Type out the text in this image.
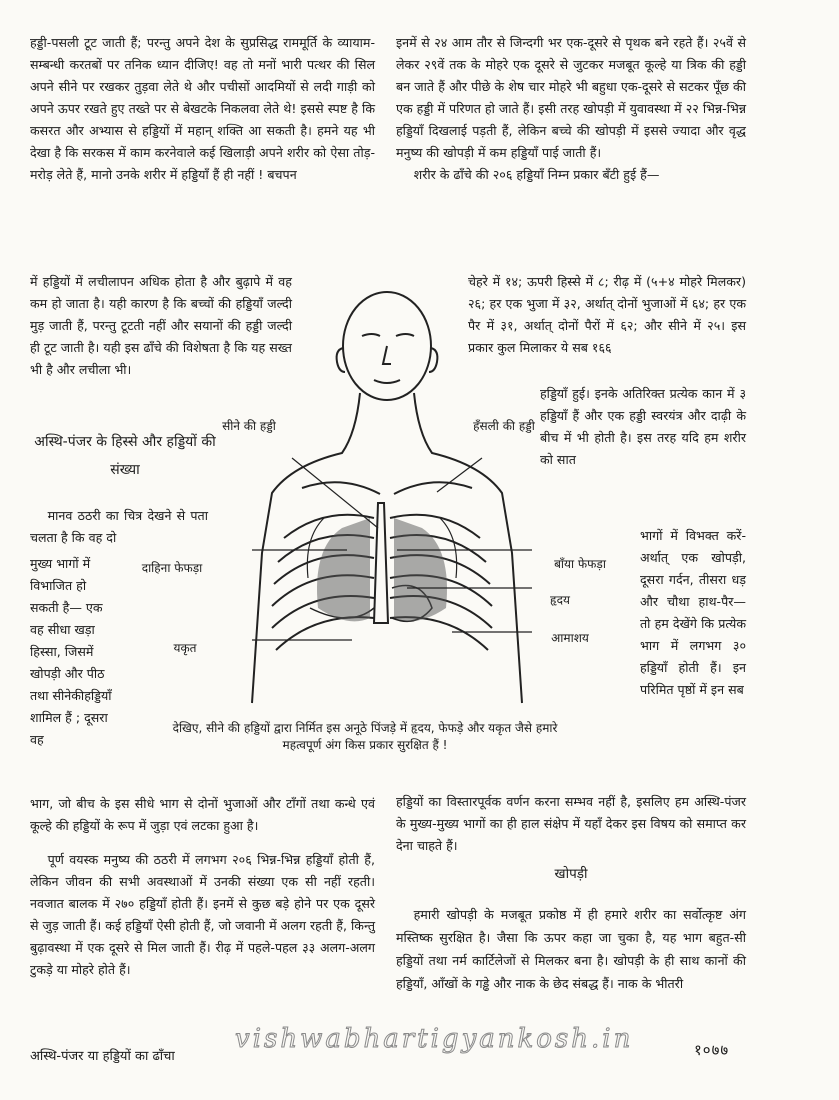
हड्डी-पसली टूट जाती हैं; परन्तु अपने देश के सुप्रसिद्ध राममूर्ति के व्यायाम-सम्बन्धी करतबों पर तनिक ध्यान दीजिए! वह तो मनों भारी पत्थर की सिल अपने सीने पर रखकर तुड़वा लेते थे और पचीसों आदमियों से लदी गाड़ी को अपने ऊपर रखते हुए तख्ते पर से बेखटके निकलवा लेते थे! इससे स्पष्ट है कि कसरत और अभ्यास से हड्डियों में महान् शक्ति आ सकती है। हमने यह भी देखा है कि सरकस में काम करनेवाले कई खिलाड़ी अपने शरीर को ऐसा तोड़-मरोड़ लेते हैं, मानो उनके शरीर में हड्डियाँ हैं ही नहीं ! बचपन

में हड्डियों में लचीलापन अधिक होता है और बुढ़ापे में वह कम हो जाता है। यही कारण है कि बच्चों की हड्डियाँ जल्दी मुड़ जाती हैं, परन्तु टूटती नहीं और सयानों की हड्डी जल्दी ही टूट जाती है। यही इस ढाँचे की विशेषता है कि यह सख्त भी है और लचीला भी।

अस्थि-पंजर के हिस्से और हड्डियों की संख्या

मानव ठठरी का चित्र देखने से पता चलता है कि वह दो

मुख्य भागों में विभाजित हो सकती है— एक वह सीधा खड़ा हिस्सा, जिसमें खोपड़ी और पीठ तथा सीनेकीहड्डियाँ शामिल हैं ; दूसरा वह

भाग, जो बीच के इस सीधे भाग से दोनों भुजाओं और टाँगों तथा कन्धे एवं कूल्हे की हड्डियों के रूप में जुड़ा एवं लटका हुआ है।

पूर्ण वयस्क मनुष्य की ठठरी में लगभग २०६ भिन्न-भिन्न हड्डियाँ होती हैं, लेकिन जीवन की सभी अवस्थाओं में उनकी संख्या एक सी नहीं रहती। नवजात बालक में २७० हड्डियाँ होती हैं। इनमें से कुछ बड़े होने पर एक दूसरे से जुड़ जाती हैं। कई हड्डियाँ ऐसी होती हैं, जो जवानी में अलग रहती हैं, किन्तु बुढ़ावस्था में एक दूसरे से मिल जाती हैं। रीढ़ में पहले-पहल ३३ अलग-अलग टुकड़े या मोहरे होते हैं।

इनमें से २४ आम तौर से जिन्दगी भर एक-दूसरे से पृथक बने रहते हैं। २५वें से लेकर २९वें तक के मोहरे एक दूसरे से जुटकर मजबूत कूल्हे या त्रिक की हड्डी बन जाते हैं और पीछे के शेष चार मोहरे भी बहुधा एक-दूसरे से सटकर पूँछ की एक हड्डी में परिणत हो जाते हैं। इसी तरह खोपड़ी में युवावस्था में २२ भिन्न-भिन्न हड्डियाँ दिखलाई पड़ती हैं, लेकिन बच्चे की खोपड़ी में इससे ज्यादा और वृद्ध मनुष्य की खोपड़ी में कम हड्डियाँ पाई जाती हैं।

शरीर के ढाँचे की २०६ हड्डियाँ निम्न प्रकार बँटी हुई हैं—

चेहरे में १४; ऊपरी हिस्से में ८; रीढ़ में (५+४ मोहरे मिलकर) २६; हर एक भुजा में ३२, अर्थात् दोनों भुजाओं में ६४; हर एक पैर में ३१, अर्थात् दोनों पैरों में ६२; और सीने में २५। इस प्रकार कुल मिलाकर ये सब १६६

हड्डियाँ हुई। इनके अतिरिक्त प्रत्येक कान में ३ हड्डियाँ हैं और एक हड्डी स्वरयंत्र और दाढ़ी के बीच में भी होती है। इस तरह यदि हम शरीर को सात

भागों में विभक्त करें-अर्थात् एक खोपड़ी, दूसरा गर्दन, तीसरा धड़ और चौथा हाथ-पैर—तो हम देखेंगे कि प्रत्येक भाग में लगभग ३० हड्डियाँ होती हैं। इन परिमित पृष्ठों में इन सब

हड्डियों का विस्तारपूर्वक वर्णन करना सम्भव नहीं है, इसलिए हम अस्थि-पंजर के मुख्य-मुख्य भागों का ही हाल संक्षेप में यहाँ देकर इस विषय को समाप्त कर देना चाहते हैं।

खोपड़ी

हमारी खोपड़ी के मजबूत प्रकोष्ठ में ही हमारे शरीर का सर्वोत्कृष्ट अंग मस्तिष्क सुरक्षित है। जैसा कि ऊपर कहा जा चुका है, यह भाग बहुत-सी हड्डियों तथा नर्म कार्टिलेजों से मिलकर बना है। खोपड़ी के ही साथ कानों की हड्डियाँ, आँखों के गड्ढे और नाक के छेद संबद्ध हैं। नाक के भीतरी

सीने की हड्डी	हँसली की हड्डी
दाहिना फेफड़ा
यकृत
बाँया फेफड़ा
हृदय
आमाशय
देखिए, सीने की हड्डियों द्वारा निर्मित इस अनूठे पिंजड़े में हृदय, फेफड़े और यकृत जैसे हमारे महत्वपूर्ण अंग किस प्रकार सुरक्षित हैं !
अस्थि-पंजर या हड्डियों का ढाँचा
vishwabhartigyankosh.in	१०७७
